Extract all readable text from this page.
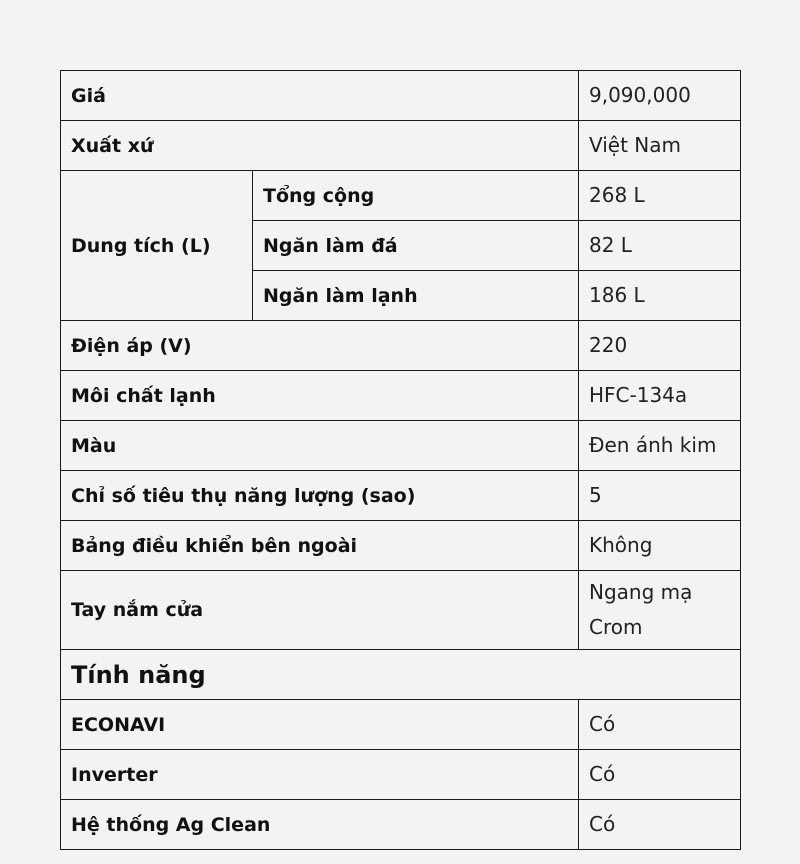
Giá		9,090,000
Xuất xứ		Việt Nam
Dung tích (L)	Tổng cộng	268 L
	Ngăn làm đá	82 L
	Ngăn làm lạnh	186 L
Điện áp (V)		220
Môi chất lạnh		HFC-134a
Màu		Đen ánh kim
Chỉ số tiêu thụ năng lượng (sao)		5
Bảng điều khiển bên ngoài		Không
Tay nắm cửa		Ngang mạ Crom
Tính năng		
ECONAVI		Có
Inverter		Có
Hệ thống Ag Clean		Có
